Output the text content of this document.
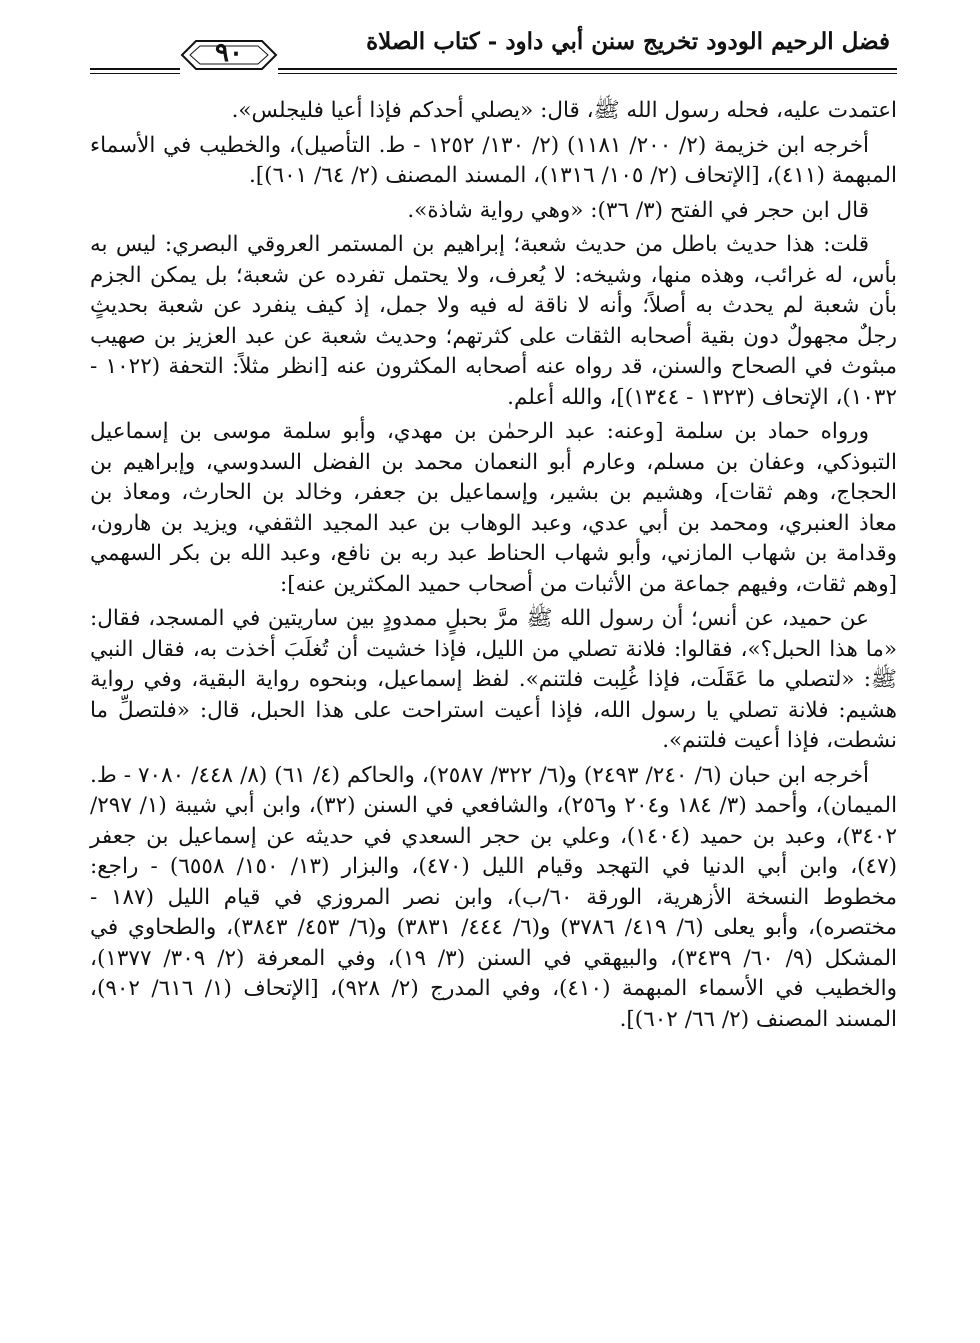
فضل الرحيم الودود تخريج سنن أبي داود - كتاب الصلاة
٩٠

اعتمدت عليه، فحله رسول الله ﷺ، قال: «يصلي أحدكم فإذا أعيا فليجلس».

أخرجه ابن خزيمة (٢/ ٢٠٠/ ١١٨١) (٢/ ١٣٠/ ١٢٥٢ - ط. التأصيل)، والخطيب في الأسماء المبهمة (٤١١)، [الإتحاف (٢/ ١٠٥/ ١٣١٦)، المسند المصنف (٢/ ٦٤/ ٦٠١)].

قال ابن حجر في الفتح (٣/ ٣٦): «وهي رواية شاذة».

قلت: هذا حديث باطل من حديث شعبة؛ إبراهيم بن المستمر العروقي البصري: ليس به بأس، له غرائب، وهذه منها، وشيخه: لا يُعرف، ولا يحتمل تفرده عن شعبة؛ بل يمكن الجزم بأن شعبة لم يحدث به أصلاً؛ وأنه لا ناقة له فيه ولا جمل، إذ كيف ينفرد عن شعبة بحديثٍ رجلٌ مجهولٌ دون بقية أصحابه الثقات على كثرتهم؛ وحديث شعبة عن عبد العزيز بن صهيب مبثوث في الصحاح والسنن، قد رواه عنه أصحابه المكثرون عنه [انظر مثلاً: التحفة (١٠٢٢ - ١٠٣٢)، الإتحاف (١٣٢٣ - ١٣٤٤)]، والله أعلم.

ورواه حماد بن سلمة [وعنه: عبد الرحمٰن بن مهدي، وأبو سلمة موسى بن إسماعيل التبوذكي، وعفان بن مسلم، وعارم أبو النعمان محمد بن الفضل السدوسي، وإبراهيم بن الحجاج، وهم ثقات]، وهشيم بن بشير، وإسماعيل بن جعفر، وخالد بن الحارث، ومعاذ بن معاذ العنبري، ومحمد بن أبي عدي، وعبد الوهاب بن عبد المجيد الثقفي، ويزيد بن هارون، وقدامة بن شهاب المازني، وأبو شهاب الحناط عبد ربه بن نافع، وعبد الله بن بكر السهمي [وهم ثقات، وفيهم جماعة من الأثبات من أصحاب حميد المكثرين عنه]:

عن حميد، عن أنس؛ أن رسول الله ﷺ مرَّ بحبلٍ ممدودٍ بين ساريتين في المسجد، فقال: «ما هذا الحبل؟»، فقالوا: فلانة تصلي من الليل، فإذا خشيت أن تُغلَبَ أخذت به، فقال النبي ﷺ: «لتصلي ما عَقَلَت، فإذا غُلِبت فلتنم». لفظ إسماعيل، وبنحوه رواية البقية، وفي رواية هشيم: فلانة تصلي يا رسول الله، فإذا أعيت استراحت على هذا الحبل، قال: «فلتصلِّ ما نشطت، فإذا أعيت فلتنم».

أخرجه ابن حبان (٦/ ٢٤٠/ ٢٤٩٣) و(٦/ ٣٢٢/ ٢٥٨٧)، والحاكم (٤/ ٦١) (٨/ ٤٤٨/ ٧٠٨٠ - ط. الميمان)، وأحمد (٣/ ١٨٤ و٢٠٤ و٢٥٦)، والشافعي في السنن (٣٢)، وابن أبي شيبة (١/ ٢٩٧/ ٣٤٠٢)، وعبد بن حميد (١٤٠٤)، وعلي بن حجر السعدي في حديثه عن إسماعيل بن جعفر (٤٧)، وابن أبي الدنيا في التهجد وقيام الليل (٤٧٠)، والبزار (١٣/ ١٥٠/ ٦٥٥٨) - راجع: مخطوط النسخة الأزهرية، الورقة ٦٠/ب)، وابن نصر المروزي في قيام الليل (١٨٧ - مختصره)، وأبو يعلى (٦/ ٤١٩/ ٣٧٨٦) و(٦/ ٤٤٤/ ٣٨٣١) و(٦/ ٤٥٣/ ٣٨٤٣)، والطحاوي في المشكل (٩/ ٦٠/ ٣٤٣٩)، والبيهقي في السنن (٣/ ١٩)، وفي المعرفة (٢/ ٣٠٩/ ١٣٧٧)، والخطيب في الأسماء المبهمة (٤١٠)، وفي المدرج (٢/ ٩٢٨)، [الإتحاف (١/ ٦١٦/ ٩٠٢)، المسند المصنف (٢/ ٦٦/ ٦٠٢)].
